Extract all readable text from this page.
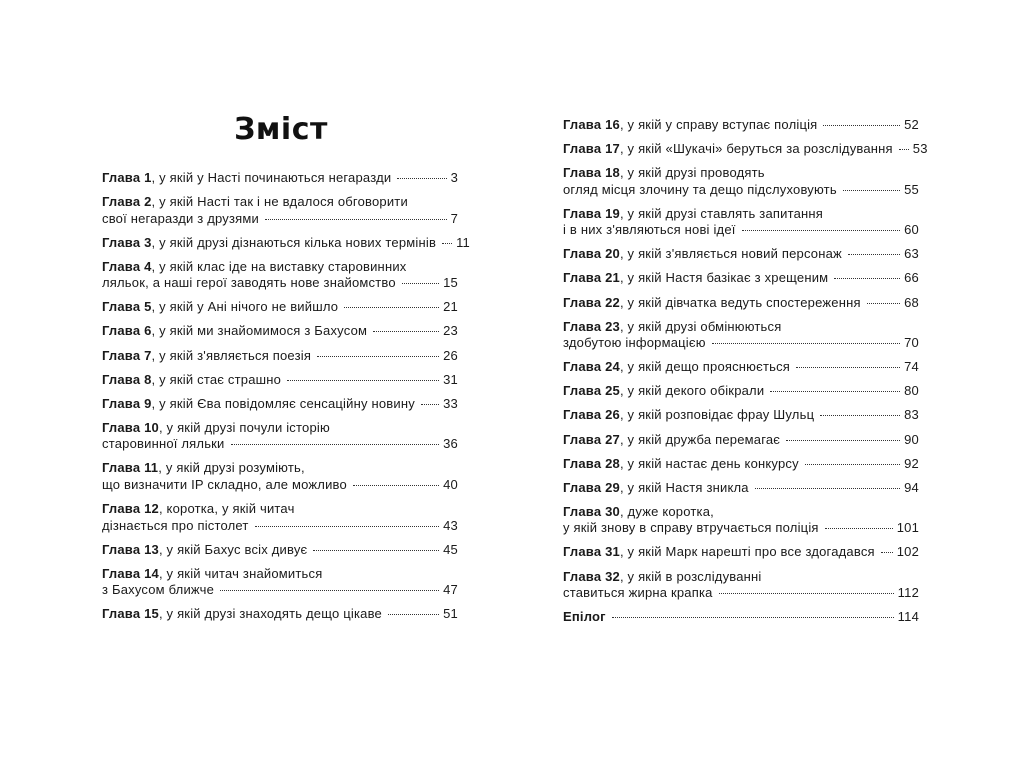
Зміст
Глава 1 , у якій у Насті починаються негаразди	3
Глава 2, у якій Насті так і не вдалося обговорити
свої негаразди з друзями	7
Глава 3 , у якій друзі дізнаються кілька нових термінів 11
Глава 4, у якій клас іде на виставку старовинних
ляльок, а наші герої заводять нове знайомство	15
Глава 5 , у якій у Ані нічого не вийшло	21
Глава 6 , у якій ми знайомимося з Бахусом	23
Глава 7 , у якій з'являється поезія	26
Глава 8 , у якій стає страшно	31
Глава 9 , у якій Єва повідомляє сенсаційну новину 33
Глава 10, у якій друзі почули історію
старовинної ляльки	36
Глава 11, у якій друзі розуміють,
що визначити IP складно, але можливо	40
Глава 12, коротка, у якій читач
дізнається про пістолет	43
Глава 13 , у якій Бахус всіх дивує	45
Глава 14, у якій читач знайомиться
з Бахусом ближче	47
Глава 15 , у якій друзі знаходять дещо цікаве	51
Глава 16 , у якій у справу вступає поліція	52
Глава 17 , у якій «Шукачі» беруться за розслідування 53
Глава 18, у якій друзі проводять
огляд місця злочину та дещо підслуховують	55
Глава 19, у якій друзі ставлять запитання
і в них з'являються нові ідеї	60
Глава 20 , у якій з'являється новий персонаж	63
Глава 21 , у якій Настя базікає з хрещеним	66
Глава 22 , у якій дівчатка ведуть спостереження	68
Глава 23, у якій друзі обмінюються
здобутою інформацією	70
Глава 24 , у якій дещо прояснюється	74
Глава 25 , у якій декого обікрали	80
Глава 26 , у якій розповідає фрау Шульц	83
Глава 27 , у якій дружба перемагає	90
Глава 28 , у якій настає день конкурсу	92
Глава 29 , у якій Настя зникла	94
Глава 30, дуже коротка,
у якій знову в справу втручається поліція	101
Глава 31 , у якій Марк нарешті про все здогадався 102
Глава 32, у якій в розслідуванні
ставиться жирна крапка	112
Епілог	114
